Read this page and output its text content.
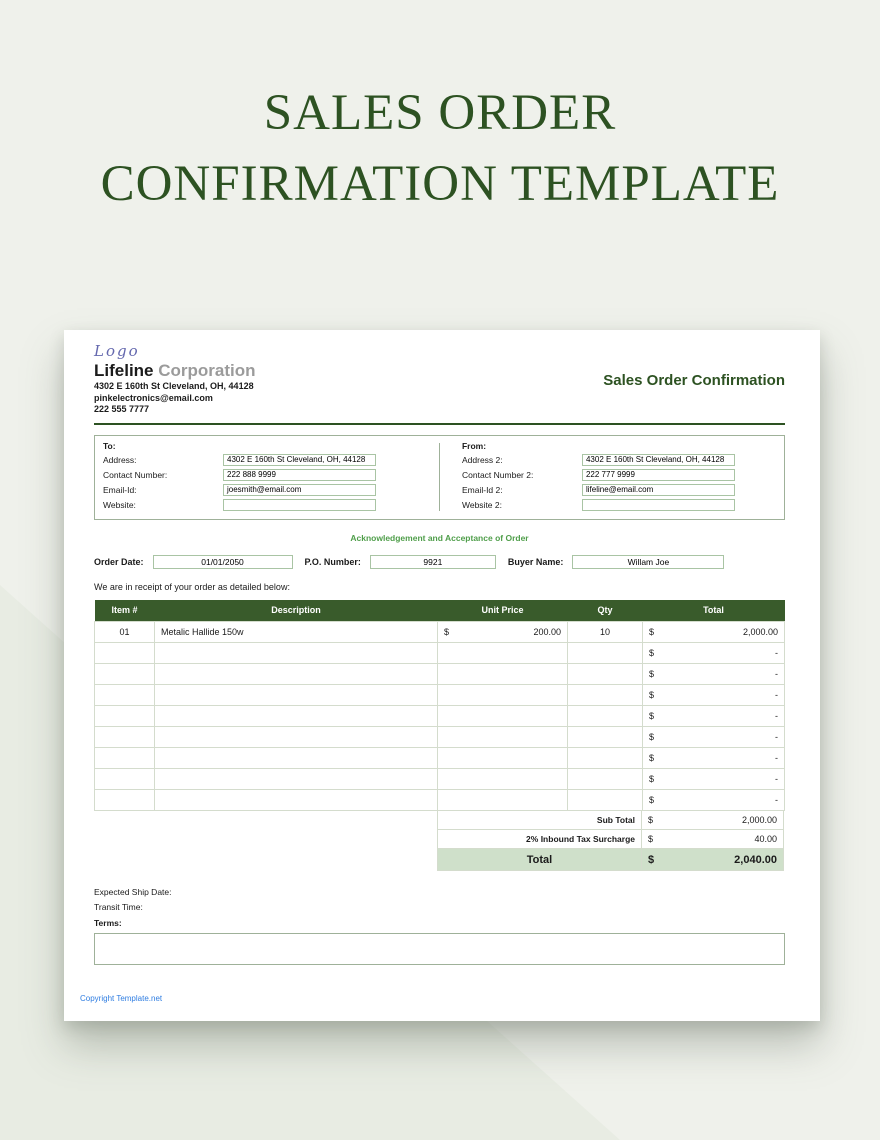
SALES ORDER
CONFIRMATION TEMPLATE
Logo
Lifeline Corporation
4302 E 160th St Cleveland, OH, 44128
pinkelectronics@email.com
222 555 7777
Sales Order Confirmation
To:
Address:	4302 E 160th St Cleveland, OH, 44128
Contact Number:	222 888 9999
Email-Id:	joesmith@email.com
Website:
From:
Address 2:	4302 E 160th St Cleveland, OH, 44128
Contact Number 2:	222 777 9999
Email-Id 2:	lifeline@email.com
Website 2:
Acknowledgement and Acceptance of Order
Order Date:	01/01/2050	P.O. Number:	9921	Buyer Name:	Willam Joe
We are in receipt of your order as detailed below:
Item #	Description	Unit Price	Qty	Total
01	Metalic Hallide 150w	$ 200.00	10	$ 2,000.00

				$ -

				$ -

				$ -

				$ -

				$ -

				$ -

				$ -

				$ -
Sub Total	$	2,000.00
2% Inbound Tax Surcharge	$	40.00
Total	$	2,040.00
Expected Ship Date:
Transit Time:
Terms:
Copyright Template.net
